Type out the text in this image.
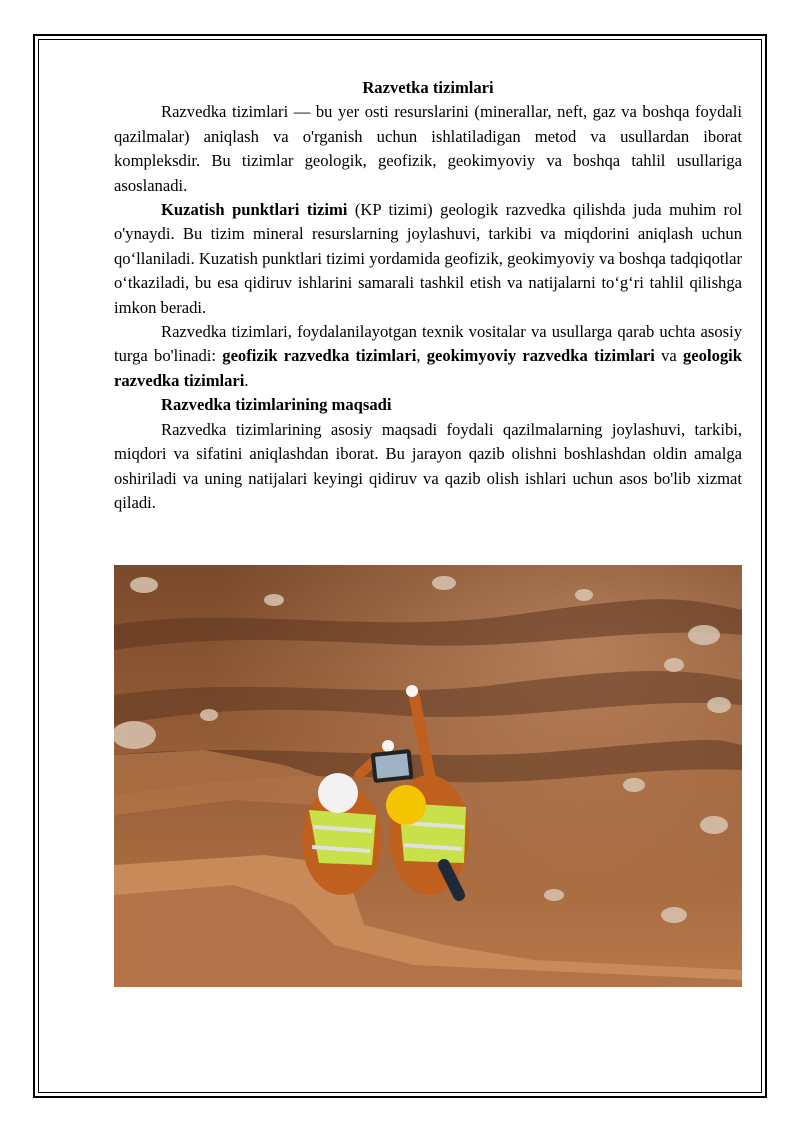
Razvetka tizimlari

Razvedka tizimlari — bu yer osti resurslarini (minerallar, neft, gaz va boshqa foydali qazilmalar) aniqlash va o'rganish uchun ishlatiladigan metod va usullardan iborat kompleksdir. Bu tizimlar geologik, geofizik, geokimyoviy va boshqa tahlil usullariga asoslanadi.

Kuzatish punktlari tizimi (KP tizimi) geologik razvedka qilishda juda muhim rol o'ynaydi. Bu tizim mineral resurslarning joylashuvi, tarkibi va miqdorini aniqlash uchun qo‘llaniladi. Kuzatish punktlari tizimi yordamida geofizik, geokimyoviy va boshqa tadqiqotlar o‘tkaziladi, bu esa qidiruv ishlarini samarali tashkil etish va natijalarni to‘g‘ri tahlil qilishga imkon beradi.

Razvedka tizimlari, foydalanilayotgan texnik vositalar va usullarga qarab uchta asosiy turga bo'linadi: geofizik razvedka tizimlari, geokimyoviy razvedka tizimlari va geologik razvedka tizimlari.

Razvedka tizimlarining maqsadi

Razvedka tizimlarining asosiy maqsadi foydali qazilmalarning joylashuvi, tarkibi, miqdori va sifatini aniqlashdan iborat. Bu jarayon qazib olishni boshlashdan oldin amalga oshiriladi va uning natijalari keyingi qidiruv va qazib olish ishlari uchun asos bo'lib xizmat qiladi.
